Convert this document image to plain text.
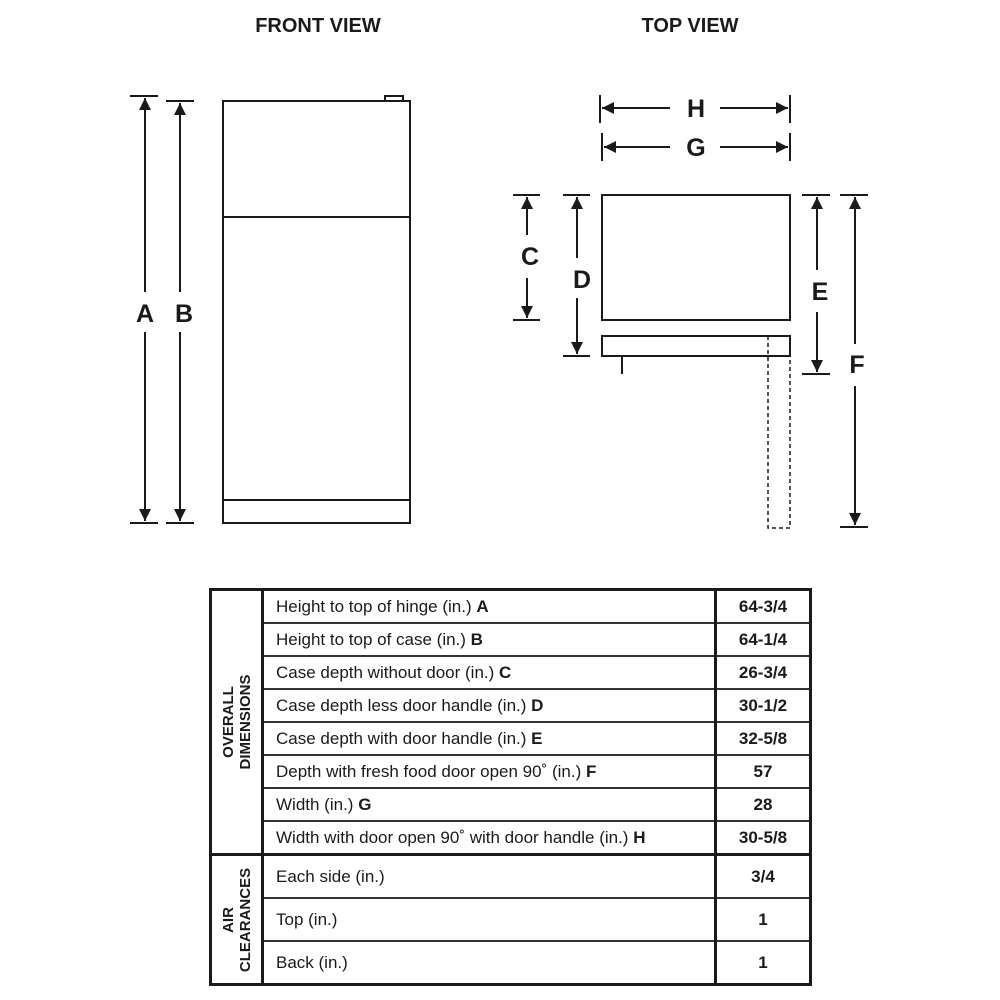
FRONT VIEW	TOP VIEW
A B
H
G
C
D	E
F
OVERALL DIMENSIONS	Height to top of hinge (in.) A	64-3/4
	Height to top of case (in.) B	64-1/4
	Case depth without door (in.) C	26-3/4
	Case depth less door handle (in.) D	30-1/2
	Case depth with door handle (in.) E	32-5/8
	Depth with fresh food door open 90˚ (in.) F	57
	Width (in.) G	28
	Width with door open 90˚ with door handle (in.) H	30-5/8

AIR CLEARANCES	Each side (in.)	3/4
	Top (in.)	1
	Back (in.)	1
